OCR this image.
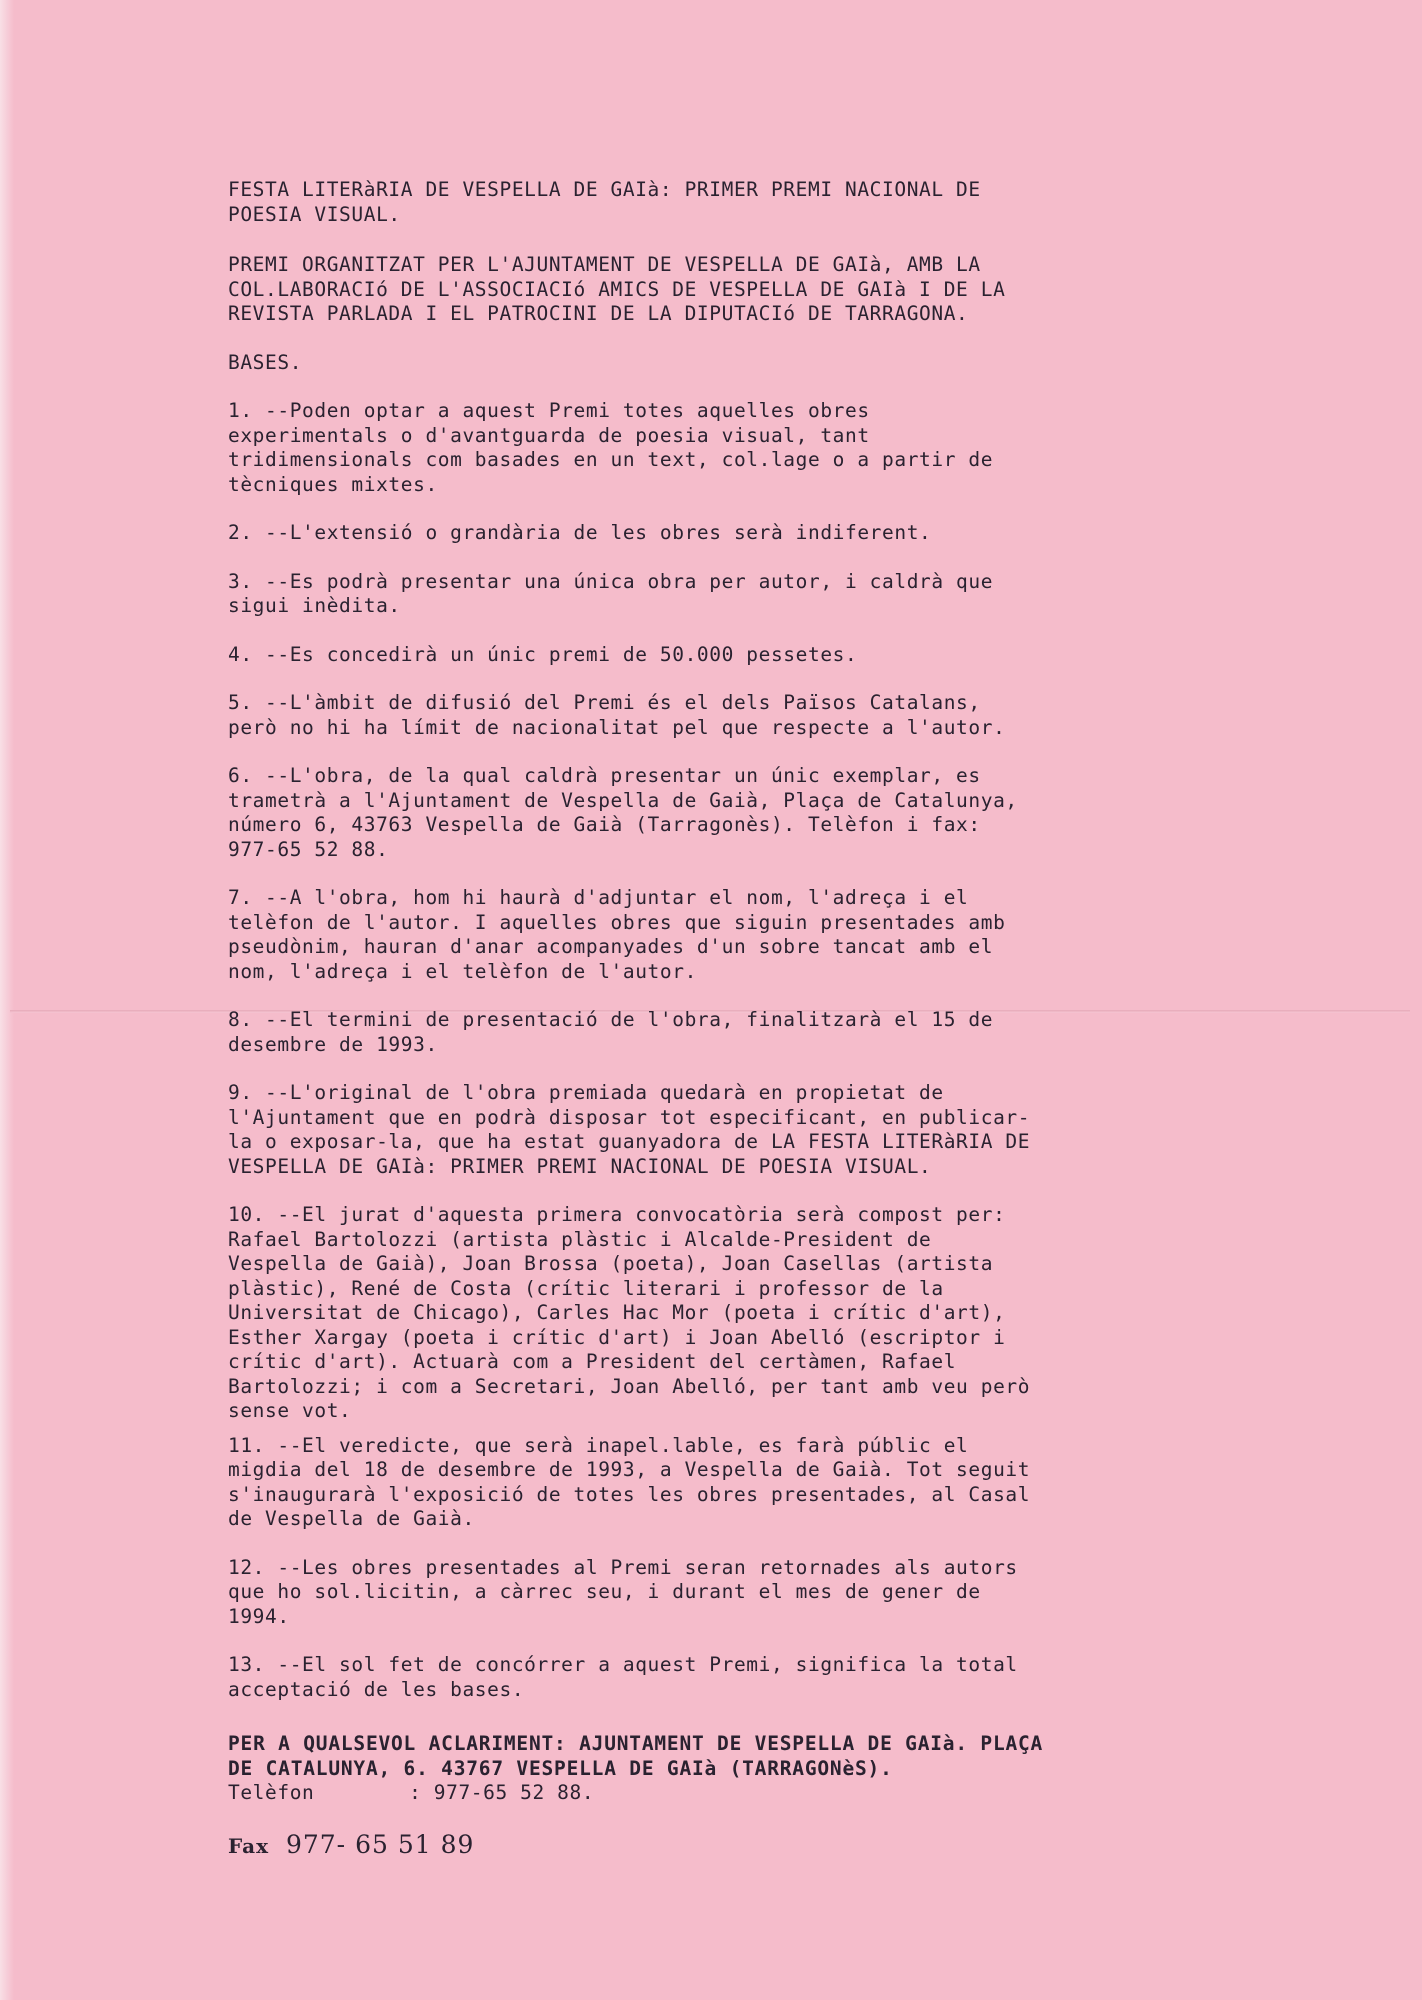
FESTA LITERàRIA DE VESPELLA DE GAIà: PRIMER PREMI NACIONAL DE
POESIA VISUAL.

PREMI ORGANITZAT PER L'AJUNTAMENT DE VESPELLA DE GAIà, AMB LA
COL.LABORACIó DE L'ASSOCIACIó AMICS DE VESPELLA DE GAIà I DE LA
REVISTA PARLADA I EL PATROCINI DE LA DIPUTACIó DE TARRAGONA.

BASES.

1. --Poden optar a aquest Premi totes aquelles obres
experimentals o d'avantguarda de poesia visual, tant
tridimensionals com basades en un text, col.lage o a partir de
tècniques mixtes.

2. --L'extensió o grandària de les obres serà indiferent.

3. --Es podrà presentar una única obra per autor, i caldrà que
sigui inèdita.

4. --Es concedirà un únic premi de 50.000 pessetes.

5. --L'àmbit de difusió del Premi és el dels Països Catalans,
però no hi ha límit de nacionalitat pel que respecte a l'autor.

6. --L'obra, de la qual caldrà presentar un únic exemplar, es
trametrà a l'Ajuntament de Vespella de Gaià, Plaça de Catalunya,
número 6, 43763 Vespella de Gaià (Tarragonès). Telèfon i fax:
977-65 52 88.

7. --A l'obra, hom hi haurà d'adjuntar el nom, l'adreça i el
telèfon de l'autor. I aquelles obres que siguin presentades amb
pseudònim, hauran d'anar acompanyades d'un sobre tancat amb el
nom, l'adreça i el telèfon de l'autor.

8. --El termini de presentació de l'obra, finalitzarà el 15 de
desembre de 1993.

9. --L'original de l'obra premiada quedarà en propietat de
l'Ajuntament que en podrà disposar tot especificant, en publicar-
la o exposar-la, que ha estat guanyadora de LA FESTA LITERàRIA DE
VESPELLA DE GAIà: PRIMER PREMI NACIONAL DE POESIA VISUAL.

10. --El jurat d'aquesta primera convocatòria serà compost per:
Rafael Bartolozzi (artista plàstic i Alcalde-President de
Vespella de Gaià), Joan Brossa (poeta), Joan Casellas (artista
plàstic), René de Costa (crític literari i professor de la
Universitat de Chicago), Carles Hac Mor (poeta i crític d'art),
Esther Xargay (poeta i crític d'art) i Joan Abelló (escriptor i
crític d'art). Actuarà com a President del certàmen, Rafael
Bartolozzi; i com a Secretari, Joan Abelló, per tant amb veu però
sense vot.

11. --El veredicte, que serà inapel.lable, es farà públic el
migdia del 18 de desembre de 1993, a Vespella de Gaià. Tot seguit
s'inaugurarà l'exposició de totes les obres presentades, al Casal
de Vespella de Gaià.

12. --Les obres presentades al Premi seran retornades als autors
que ho sol.licitin, a càrrec seu, i durant el mes de gener de
1994.

13. --El sol fet de concórrer a aquest Premi, significa la total
acceptació de les bases.

PER A QUALSEVOL ACLARIMENT: AJUNTAMENT DE VESPELLA DE GAIà. PLAÇA
DE CATALUNYA, 6. 43767 VESPELLA DE GAIà (TARRAGONèS).

Telèfon	: 977-65 52 88.
Fax 977- 65 51 89
